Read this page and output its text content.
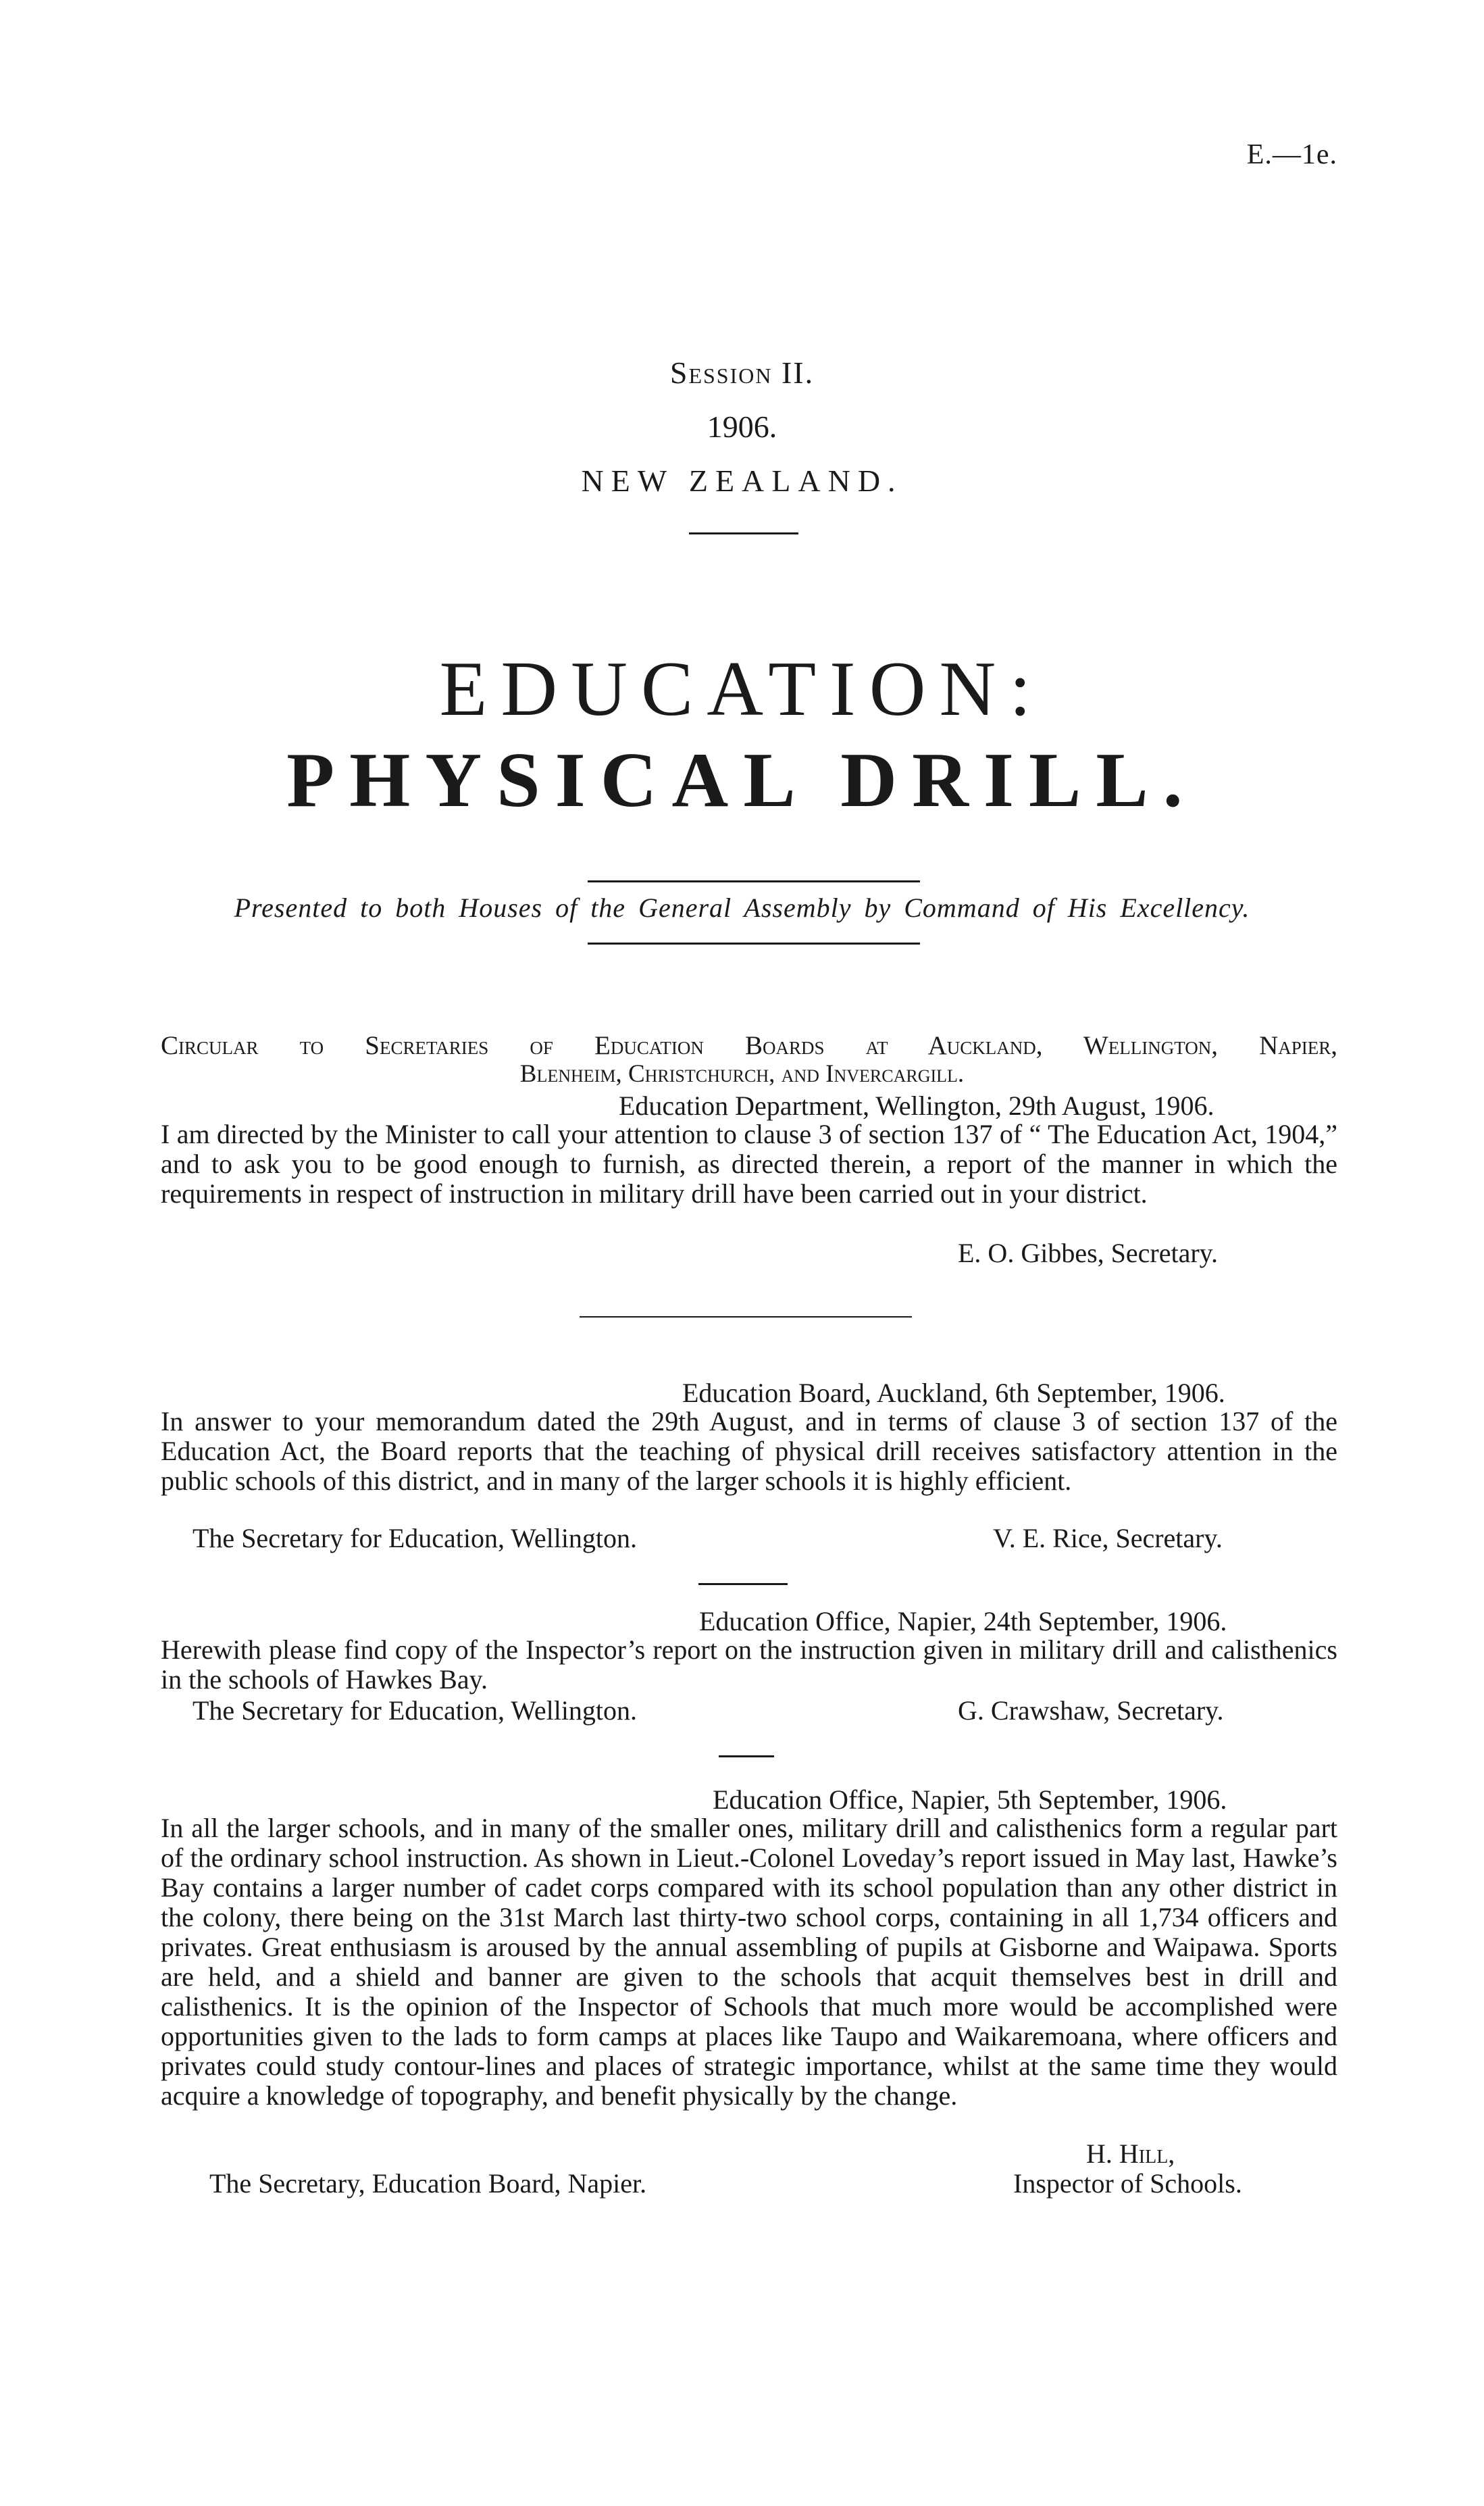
E.—1e.
Session II.
1906.
NEW ZEALAND.
EDUCATION:
PHYSICAL DRILL.
Presented to both Houses of the General Assembly by Command of His Excellency.
Circular to Secretaries of Education Boards at Auckland, Wellington, Napier,
Blenheim, Christchurch, and Invercargill.
Education Department, Wellington, 29th August, 1906.
I am directed by the Minister to call your attention to clause 3 of section 137 of “ The Education Act, 1904,” and to ask you to be good enough to furnish, as directed therein, a report of the manner in which the requirements in respect of instruction in military drill have been carried out in your district.
E. O. Gibbes, Secretary.
Education Board, Auckland, 6th September, 1906.
In answer to your memorandum dated the 29th August, and in terms of clause 3 of section 137 of the Education Act, the Board reports that the teaching of physical drill receives satisfactory attention in the public schools of this district, and in many of the larger schools it is highly efficient.
The Secretary for Education, Wellington.	V. E. Rice, Secretary.
Education Office, Napier, 24th September, 1906.
Herewith please find copy of the Inspector’s report on the instruction given in military drill and calisthenics in the schools of Hawkes Bay.
The Secretary for Education, Wellington.	G. Crawshaw, Secretary.
Education Office, Napier, 5th September, 1906.
In all the larger schools, and in many of the smaller ones, military drill and calisthenics form a regular part of the ordinary school instruction. As shown in Lieut.-Colonel Loveday’s report issued in May last, Hawke’s Bay contains a larger number of cadet corps compared with its school population than any other district in the colony, there being on the 31st March last thirty-two school corps, containing in all 1,734 officers and privates. Great enthusiasm is aroused by the annual assembling of pupils at Gisborne and Waipawa. Sports are held, and a shield and banner are given to the schools that acquit themselves best in drill and calisthenics. It is the opinion of the Inspector of Schools that much more would be accomplished were opportunities given to the lads to form camps at places like Taupo and Waikaremoana, where officers and privates could study contour-lines and places of strategic importance, whilst at the same time they would acquire a knowledge of topography, and benefit physically by the change.
H. Hill,
The Secretary, Education Board, Napier.	Inspector of Schools.
